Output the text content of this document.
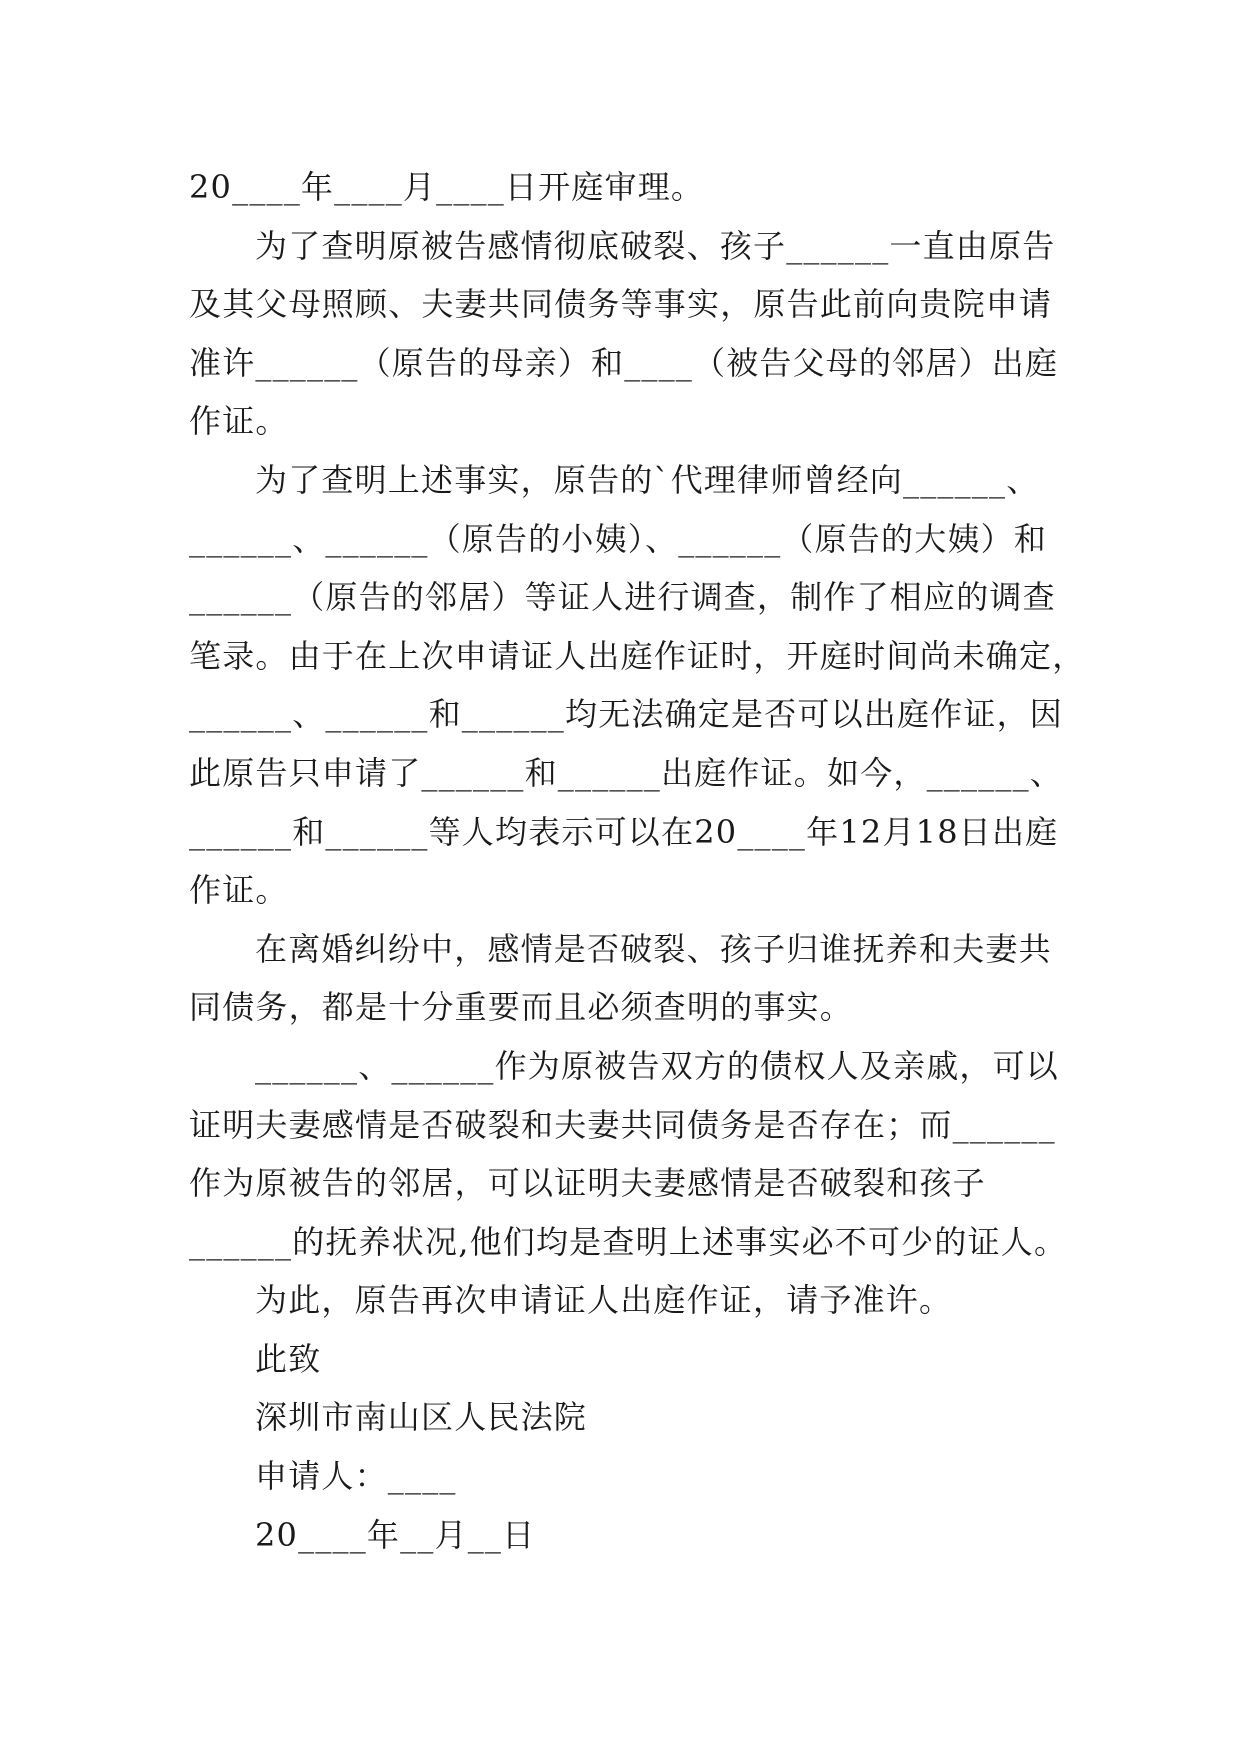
20____年____月____日开庭审理。
为了查明原被告感情彻底破裂、孩子______一直由原告
及其父母照顾、夫妻共同债务等事实，原告此前向贵院申请
准许______（原告的母亲）和____（被告父母的邻居）出庭
作证。
为了查明上述事实，原告的`代理律师曾经向______、
______、______（原告的小姨）、______（原告的大姨）和
______（原告的邻居）等证人进行调查，制作了相应的调查
笔录。由于在上次申请证人出庭作证时，开庭时间尚未确定，
______、______和______均无法确定是否可以出庭作证，因
此原告只申请了______和______出庭作证。如今，______、
______和______等人均表示可以在20____年12月18日出庭
作证。
在离婚纠纷中，感情是否破裂、孩子归谁抚养和夫妻共
同债务，都是十分重要而且必须查明的事实。
______、______作为原被告双方的债权人及亲戚，可以
证明夫妻感情是否破裂和夫妻共同债务是否存在；而______
作为原被告的邻居，可以证明夫妻感情是否破裂和孩子
______的抚养状况,他们均是查明上述事实必不可少的证人。
为此，原告再次申请证人出庭作证，请予准许。
此致
深圳市南山区人民法院
申请人：____
20____年__月__日
